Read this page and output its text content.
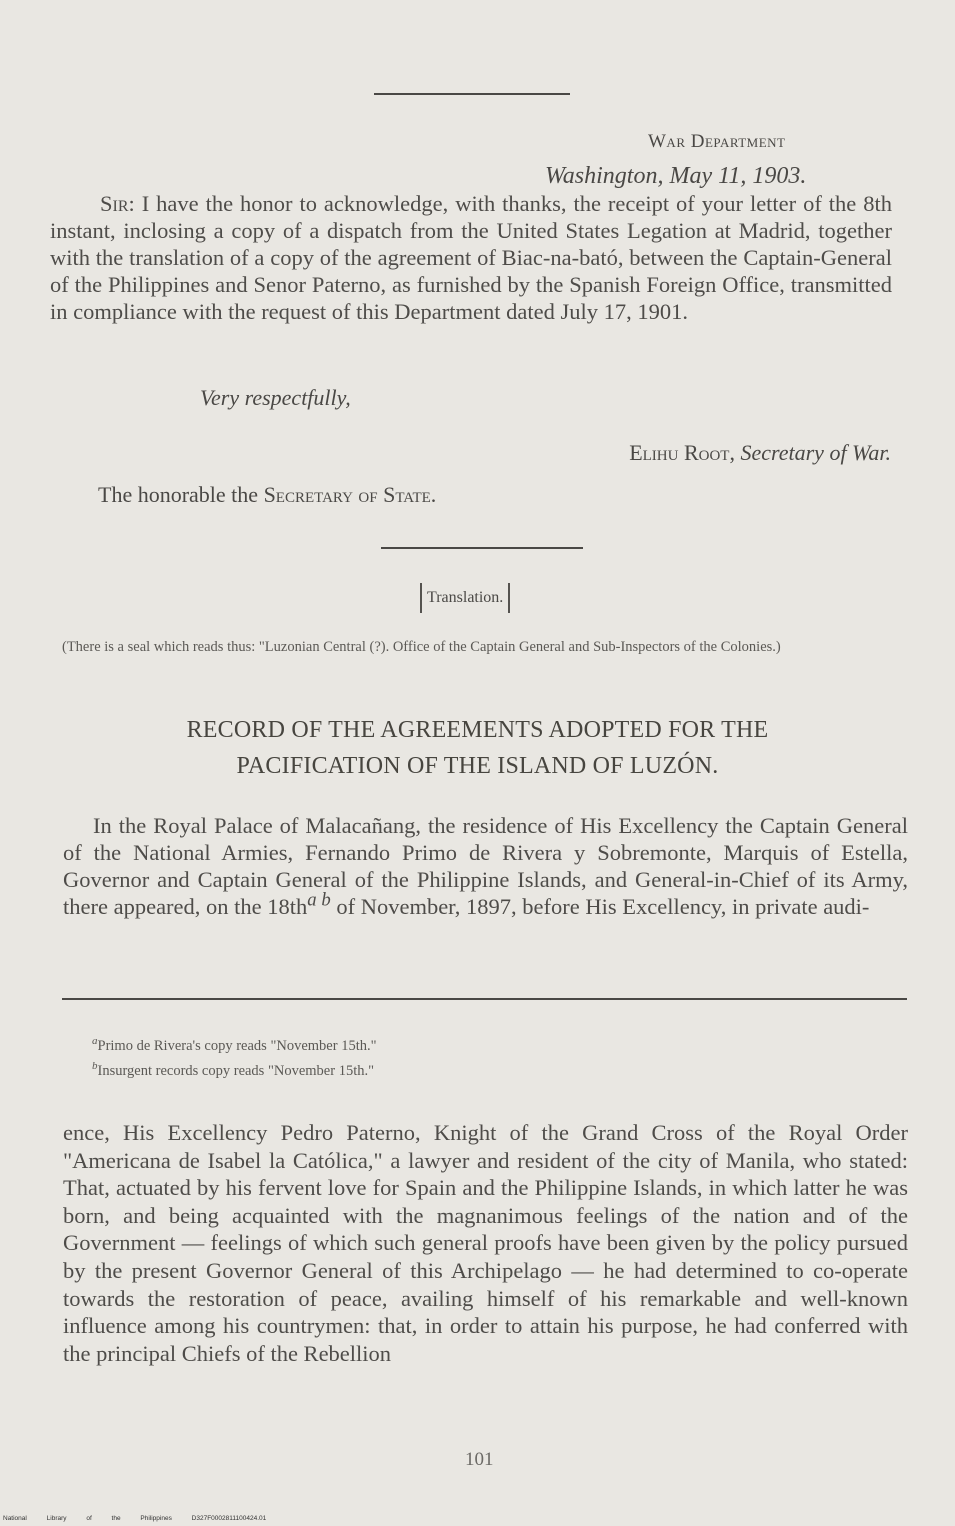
War Department
Washington, May 11, 1903.
Sir: I have the honor to acknowledge, with thanks, the receipt of your letter of the 8th instant, inclosing a copy of a dispatch from the United States Legation at Madrid, together with the translation of a copy of the agreement of Biac-na-bató, between the Captain-General of the Philippines and Senor Paterno, as furnished by the Spanish Foreign Office, transmitted in compliance with the request of this Department dated July 17, 1901.
Very respectfully,
Elihu Root, Secretary of War.
The honorable the Secretary of State.
Translation.
(There is a seal which reads thus: "Luzonian Central (?). Office of the Captain General and Sub-Inspectors of the Colonies.)
RECORD OF THE AGREEMENTS ADOPTED FOR THE
PACIFICATION OF THE ISLAND OF LUZÓN.
In the Royal Palace of Malacañang, the residence of His Excellency the Captain General of the National Armies, Fernando Primo de Rivera y Sobremonte, Marquis of Estella, Governor and Captain General of the Philippine Islands, and General-in-Chief of its Army, there appeared, on the $18th^{a b}$ of November, 1897, before His Excellency, in private audi-
$^a$Primo de Rivera's copy reads "November 15th."
$^b$Insurgent records copy reads "November 15th."
ence, His Excellency Pedro Paterno, Knight of the Grand Cross of the Royal Order "Americana de Isabel la Católica," a lawyer and resident of the city of Manila, who stated: That, actuated by his fervent love for Spain and the Philippine Islands, in which latter he was born, and being acquainted with the magnanimous feelings of the nation and of the Government — feelings of which such general proofs have been given by the policy pursued by the present Governor General of this Archipelago — he had determined to co-operate towards the restoration of peace, availing himself of his remarkable and well-known influence among his countrymen: that, in order to attain his purpose, he had conferred with the principal Chiefs of the Rebellion
101
National Library of the Philippines	D327F0002811100424.01
